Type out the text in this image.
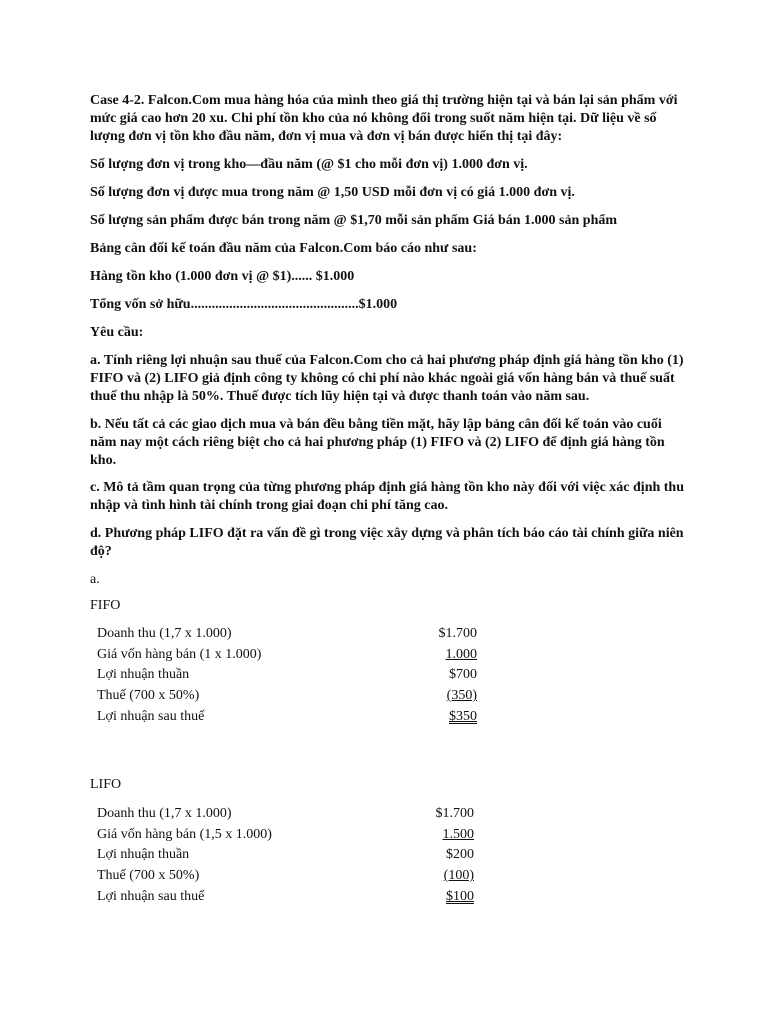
Case 4-2. Falcon.Com mua hàng hóa của mình theo giá thị trường hiện tại và bán lại sản phẩm với mức giá cao hơn 20 xu. Chi phí tồn kho của nó không đổi trong suốt năm hiện tại. Dữ liệu về số lượng đơn vị tồn kho đầu năm, đơn vị mua và đơn vị bán được hiển thị tại đây:

Số lượng đơn vị trong kho—đầu năm (@ $1 cho mỗi đơn vị) 1.000 đơn vị.

Số lượng đơn vị được mua trong năm @ 1,50 USD mỗi đơn vị có giá 1.000 đơn vị.

Số lượng sản phẩm được bán trong năm @ $1,70 mỗi sản phẩm Giá bán 1.000 sản phẩm

Bảng cân đối kế toán đầu năm của Falcon.Com báo cáo như sau:

Hàng tồn kho (1.000 đơn vị @ $1)...... $1.000

Tổng vốn sở hữu................................................$1.000

Yêu cầu:

a. Tính riêng lợi nhuận sau thuế của Falcon.Com cho cả hai phương pháp định giá hàng tồn kho (1) FIFO và (2) LIFO giả định công ty không có chi phí nào khác ngoài giá vốn hàng bán và thuế suất thuế thu nhập là 50%. Thuế được tích lũy hiện tại và được thanh toán vào năm sau.

b. Nếu tất cả các giao dịch mua và bán đều bằng tiền mặt, hãy lập bảng cân đối kế toán vào cuối năm nay một cách riêng biệt cho cả hai phương pháp (1) FIFO và (2) LIFO để định giá hàng tồn kho.

c. Mô tả tầm quan trọng của từng phương pháp định giá hàng tồn kho này đối với việc xác định thu nhập và tình hình tài chính trong giai đoạn chi phí tăng cao.

d. Phương pháp LIFO đặt ra vấn đề gì trong việc xây dựng và phân tích báo cáo tài chính giữa niên độ?

a.

FIFO

Doanh thu (1,7 x 1.000)	$1.700
Giá vốn hàng bán (1 x 1.000)	1.000
Lợi nhuận thuần	$700
Thuế (700 x 50%)	(350)
Lợi nhuận sau thuế	$350

LIFO

Doanh thu (1,7 x 1.000)	$1.700
Giá vốn hàng bán (1,5 x 1.000)	1.500
Lợi nhuận thuần	$200
Thuế (700 x 50%)	(100)
Lợi nhuận sau thuế	$100
